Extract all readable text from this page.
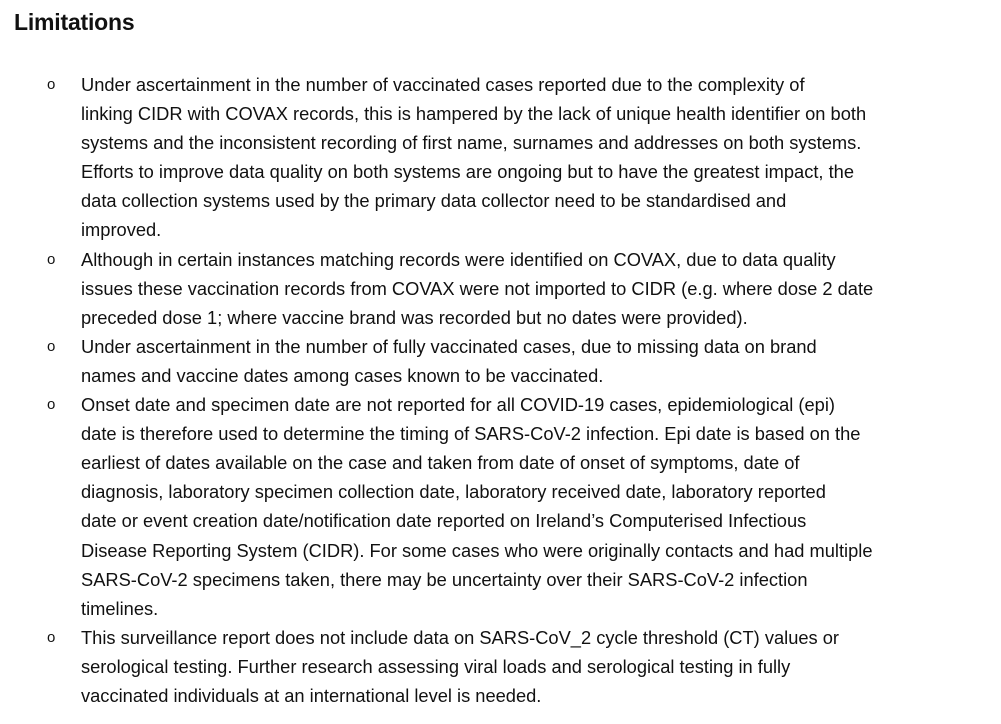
Limitations
o Under ascertainment in the number of vaccinated cases reported due to the complexity of
linking CIDR with COVAX records, this is hampered by the lack of unique health identifier on both
systems and the inconsistent recording of first name, surnames and addresses on both systems.
Efforts to improve data quality on both systems are ongoing but to have the greatest impact, the
data collection systems used by the primary data collector need to be standardised and
improved.
o Although in certain instances matching records were identified on COVAX, due to data quality
issues these vaccination records from COVAX were not imported to CIDR (e.g. where dose 2 date
preceded dose 1; where vaccine brand was recorded but no dates were provided).
o Under ascertainment in the number of fully vaccinated cases, due to missing data on brand
names and vaccine dates among cases known to be vaccinated.
o Onset date and specimen date are not reported for all COVID-19 cases, epidemiological (epi)
date is therefore used to determine the timing of SARS-CoV-2 infection. Epi date is based on the
earliest of dates available on the case and taken from date of onset of symptoms, date of
diagnosis, laboratory specimen collection date, laboratory received date, laboratory reported
date or event creation date/notification date reported on Ireland’s Computerised Infectious
Disease Reporting System (CIDR). For some cases who were originally contacts and had multiple
SARS-CoV-2 specimens taken, there may be uncertainty over their SARS-CoV-2 infection
timelines.
o This surveillance report does not include data on SARS-CoV_2 cycle threshold (CT) values or
serological testing. Further research assessing viral loads and serological testing in fully
vaccinated individuals at an international level is needed.
